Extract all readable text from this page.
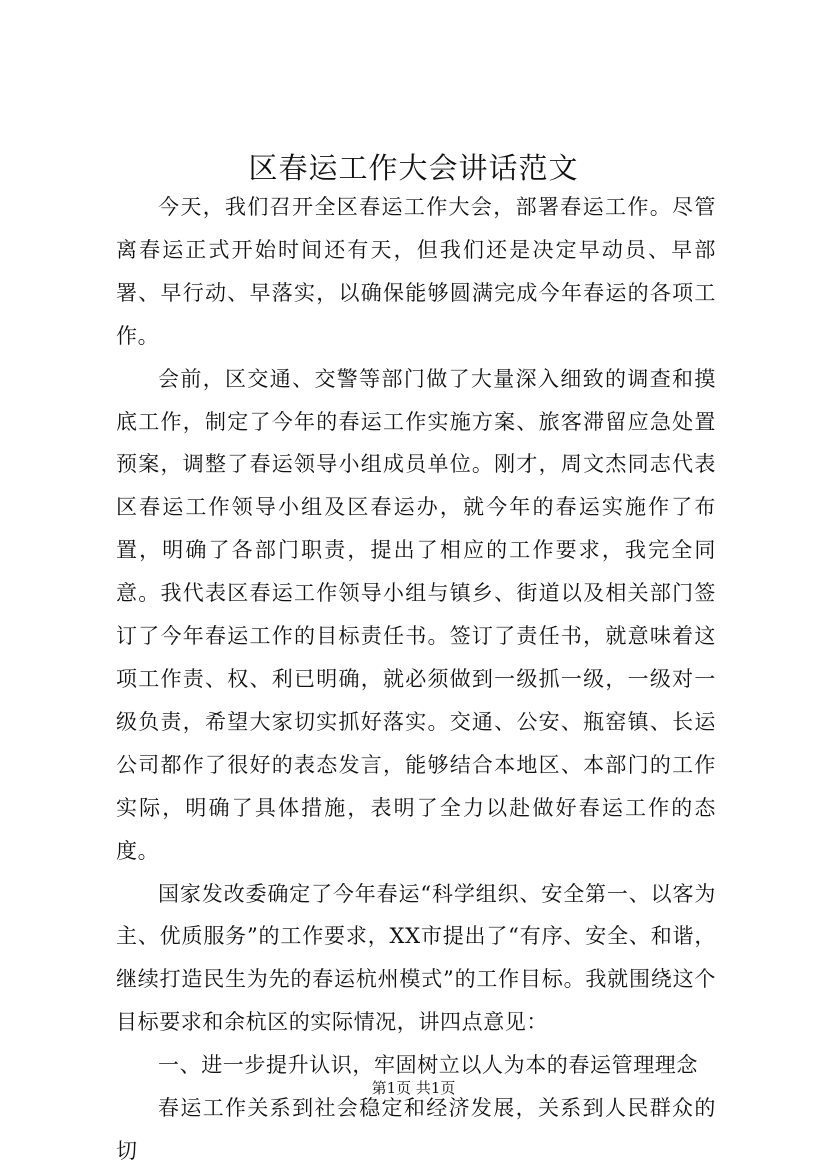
区春运工作大会讲话范文

今天，我们召开全区春运工作大会，部署春运工作。尽管离春运正式开始时间还有天，但我们还是决定早动员、早部署、早行动、早落实，以确保能够圆满完成今年春运的各项工作。

会前，区交通、交警等部门做了大量深入细致的调查和摸底工作，制定了今年的春运工作实施方案、旅客滞留应急处置预案，调整了春运领导小组成员单位。刚才，周文杰同志代表区春运工作领导小组及区春运办，就今年的春运实施作了布置，明确了各部门职责，提出了相应的工作要求，我完全同意。我代表区春运工作领导小组与镇乡、街道以及相关部门签订了今年春运工作的目标责任书。签订了责任书，就意味着这项工作责、权、利已明确，就必须做到一级抓一级，一级对一级负责，希望大家切实抓好落实。交通、公安、瓶窑镇、长运公司都作了很好的表态发言，能够结合本地区、本部门的工作实际，明确了具体措施，表明了全力以赴做好春运工作的态度。

国家发改委确定了今年春运“科学组织、安全第一、以客为主、优质服务”的工作要求，XX市提出了“有序、安全、和谐，继续打造民生为先的春运杭州模式”的工作目标。我就围绕这个目标要求和余杭区的实际情况，讲四点意见：

一、进一步提升认识，牢固树立以人为本的春运管理理念

春运工作关系到社会稳定和经济发展，关系到人民群众的切

第1页 共1页
